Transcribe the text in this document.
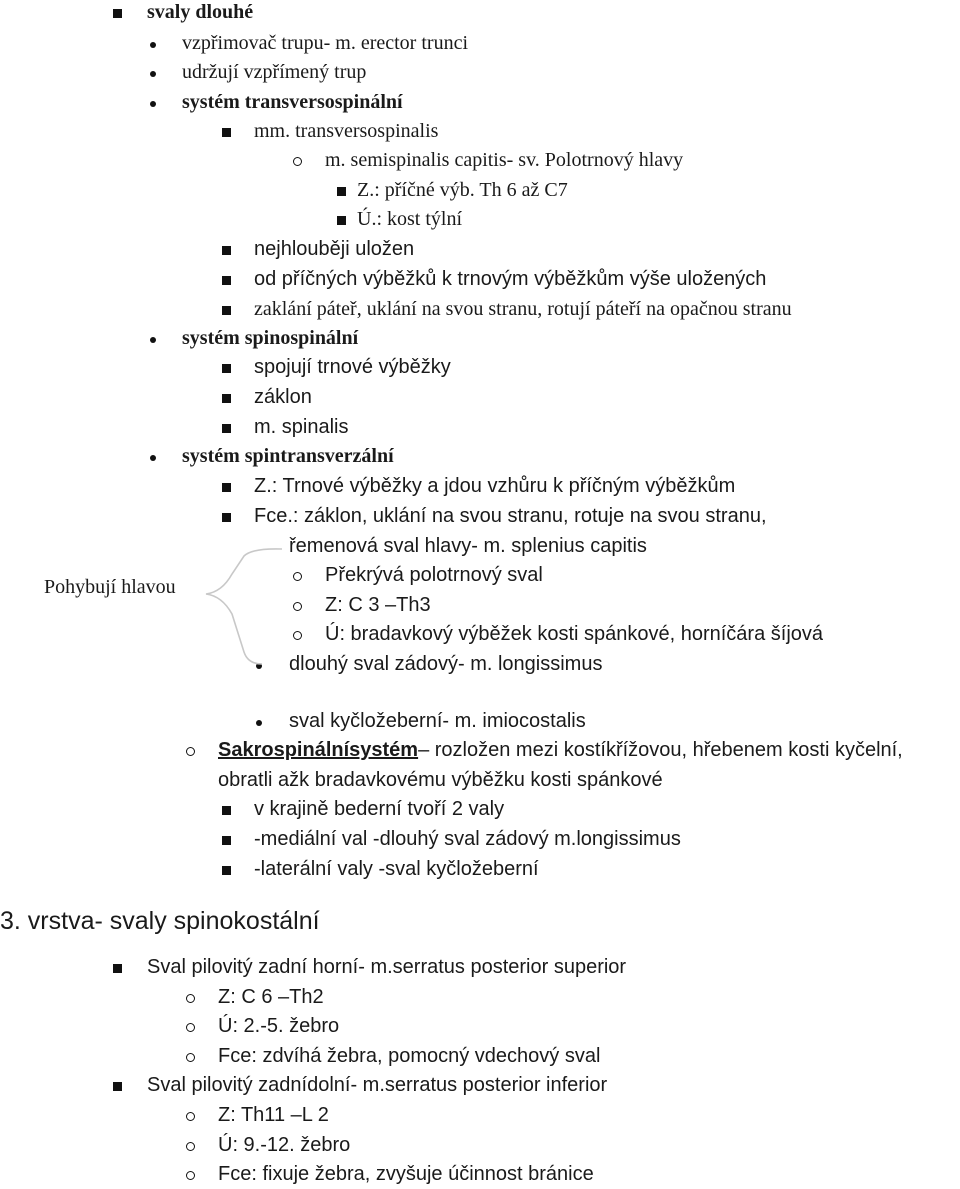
svaly dlouhé
vzpřimovač trupu- m. erector trunci
udržují vzpřímený trup
systém transversospinální
mm. transversospinalis
m. semispinalis capitis- sv. Polotrnový hlavy
Z.: příčné výb. Th 6 až C7
Ú.: kost týlní
nejhlouběji uložen
od příčných výběžků k trnovým výběžkům výše uložených
zaklání páteř, uklání na svou stranu, rotují páteří na opačnou stranu
systém spinospinální
spojují trnové výběžky
záklon
m. spinalis
systém spintransverzální
Z.: Trnové výběžky a jdou vzhůru k příčným výběžkům
Fce.: záklon, uklání na svou stranu, rotuje na svou stranu,
řemenová sval hlavy- m. splenius capitis
Překrývá polotrnový sval
Z: C 3 –Th3
Ú: bradavkový výběžek kosti spánkové, horníčára šíjová
dlouhý sval zádový- m. longissimus
sval kyčložeberní- m. imiocostalis
obratli ažk bradavkovému výběžku kosti spánkové
v krajině bederní tvoří 2 valy
-mediální val -dlouhý sval zádový m.longissimus
-laterální valy -sval kyčložeberní
Sval pilovitý zadní horní- m.serratus posterior superior
Z: C 6 –Th2
Ú: 2.-5. žebro
Fce: zdvíhá žebra, pomocný vdechový sval
Sval pilovitý zadnídolní- m.serratus posterior inferior
Z: Th11 –L 2
Ú: 9.-12. žebro
Fce: fixuje žebra, zvyšuje účinnost bránice
Sakrospinálnísystém– rozložen mezi kostíkřížovou, hřebenem kosti kyčelní,
Pohybují hlavou
3. vrstva- svaly spinokostální
